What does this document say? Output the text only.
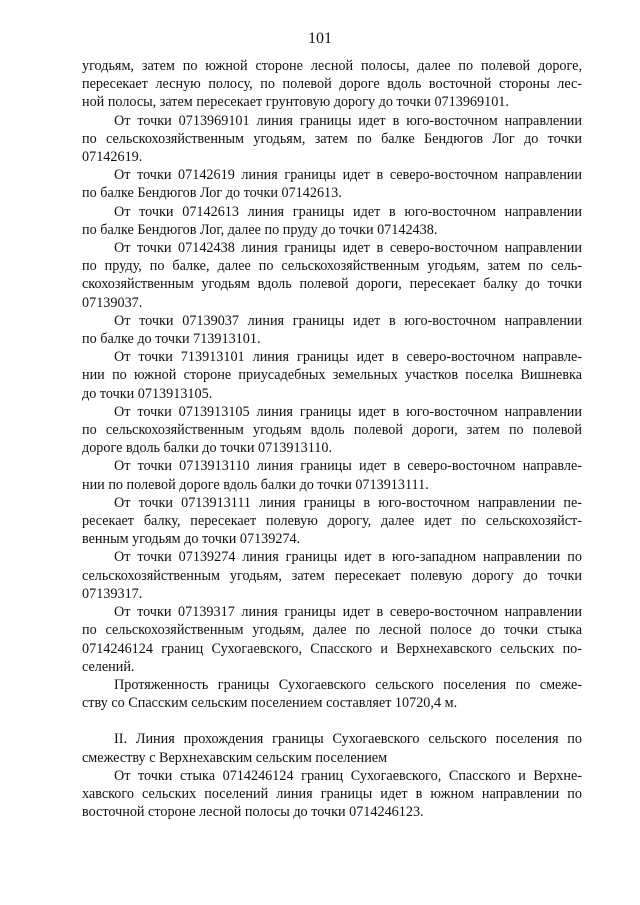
101
угодьям, затем по южной стороне лесной полосы, далее по полевой дороге,
пересекает лесную полосу, по полевой дороге вдоль восточной стороны лес-
ной полосы, затем пересекает грунтовую дорогу до точки 0713969101.
От точки 0713969101 линия границы идет в юго-восточном направлении
по сельскохозяйственным угодьям, затем по балке Бендюгов Лог до точки
07142619.
От точки 07142619 линия границы идет в северо-восточном направлении
по балке Бендюгов Лог до точки 07142613.
От точки 07142613 линия границы идет в юго-восточном направлении
по балке Бендюгов Лог, далее по пруду до точки 07142438.
От точки 07142438 линия границы идет в северо-восточном направлении
по пруду, по балке, далее по сельскохозяйственным угодьям, затем по сель-
скохозяйственным угодьям вдоль полевой дороги, пересекает балку до точки
07139037.
От точки 07139037 линия границы идет в юго-восточном направлении
по балке до точки 713913101.
От точки 713913101 линия границы идет в северо-восточном направле-
нии по южной стороне приусадебных земельных участков поселка Вишневка
до точки 0713913105.
От точки 0713913105 линия границы идет в юго-восточном направлении
по сельскохозяйственным угодьям вдоль полевой дороги, затем по полевой
дороге вдоль балки до точки 0713913110.
От точки 0713913110 линия границы идет в северо-восточном направле-
нии по полевой дороге вдоль балки до точки 0713913111.
От точки 0713913111 линия границы в юго-восточном направлении пе-
ресекает балку, пересекает полевую дорогу, далее идет по сельскохозяйст-
венным угодьям до точки 07139274.
От точки 07139274 линия границы идет в юго-западном направлении по
сельскохозяйственным угодьям, затем пересекает полевую дорогу до точки
07139317.
От точки 07139317 линия границы идет в северо-восточном направлении
по сельскохозяйственным угодьям, далее по лесной полосе до точки стыка
0714246124 границ Сухогаевского, Спасского и Верхнехавского сельских по-
селений.
Протяженность границы Сухогаевского сельского поселения по смеже-
ству со Спасским сельским поселением составляет 10720,4 м.
II. Линия прохождения границы Сухогаевского сельского поселения по
смежеству с Верхнехавским сельским поселением
От точки стыка 0714246124 границ Сухогаевского, Спасского и Верхне-
хавского сельских поселений линия границы идет в южном направлении по
восточной стороне лесной полосы до точки 0714246123.
